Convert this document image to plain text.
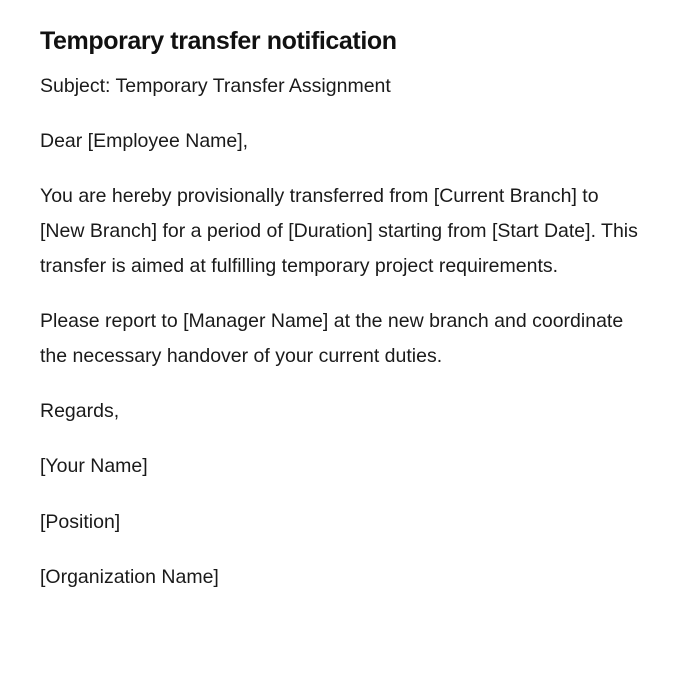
Temporary transfer notification

Subject: Temporary Transfer Assignment

Dear [Employee Name],

You are hereby provisionally transferred from [Current Branch] to [New Branch] for a period of [Duration] starting from [Start Date]. This transfer is aimed at fulfilling temporary project requirements.

Please report to [Manager Name] at the new branch and coordinate the necessary handover of your current duties.

Regards,

[Your Name]

[Position]

[Organization Name]
